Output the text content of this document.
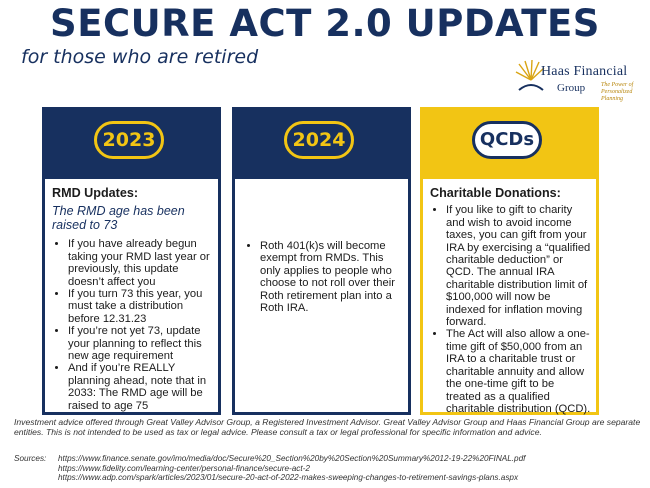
SECURE ACT 2.0 UPDATES
for those who are retired
Haas Financial
Group	The Power of Personalized Planning
2023
RMD Updates:
The RMD age has been raised to 73
• If you have already begun taking your RMD last year or previously, this update doesn’t affect you
• If you turn 73 this year, you must take a distribution before 12.31.23
• If you’re not yet 73, update your planning to reflect this new age requirement
• And if you’re REALLY planning ahead, note that in 2033: The RMD age will be raised to age 75
2024
• Roth 401(k)s will become exempt from RMDs. This only applies to people who choose to not roll over their Roth retirement plan into a Roth IRA.
QCDs
Charitable Donations:
• If you like to gift to charity and wish to avoid income taxes, you can gift from your IRA by exercising a “qualified charitable deduction” or QCD. The annual IRA charitable distribution limit of $100,000 will now be indexed for inflation moving forward.
• The Act will also allow a one-time gift of $50,000 from an IRA to a charitable trust or charitable annuity and allow the one-time gift to be treated as a qualified charitable distribution (QCD).
Investment advice offered through Great Valley Advisor Group, a Registered Investment Advisor. Great Valley Advisor Group and Haas Financial Group are separate entities. This is not intended to be used as tax or legal advice. Please consult a tax or legal professional for specific information and advice.
Sources: https://www.finance.senate.gov/imo/media/doc/Secure%20_Section%20by%20Section%20Summary%2012-19-22%20FINAL.pdf
https://www.fidelity.com/learning-center/personal-finance/secure-act-2
https://www.adp.com/spark/articles/2023/01/secure-20-act-of-2022-makes-sweeping-changes-to-retirement-savings-plans.aspx
